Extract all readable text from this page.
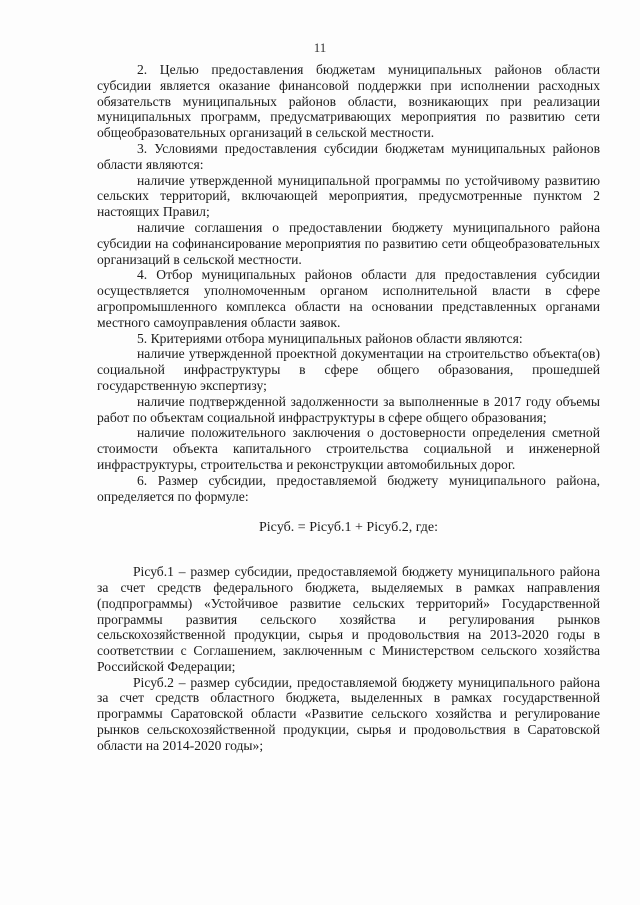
11

2. Целью предоставления бюджетам муниципальных районов области субсидии является оказание финансовой поддержки при исполнении расходных обязательств муниципальных районов области, возникающих при реализации муниципальных программ, предусматривающих мероприятия по развитию сети общеобразовательных организаций в сельской местности.

3. Условиями предоставления субсидии бюджетам муниципальных районов области являются:

наличие утвержденной муниципальной программы по устойчивому развитию сельских территорий, включающей мероприятия, предусмотренные пунктом 2 настоящих Правил;

наличие соглашения о предоставлении бюджету муниципального района субсидии на софинансирование мероприятия по развитию сети общеобразовательных организаций в сельской местности.

4. Отбор муниципальных районов области для предоставления субсидии осуществляется уполномоченным органом исполнительной власти в сфере агропромышленного комплекса области на основании представленных органами местного самоуправления области заявок.

5. Критериями отбора муниципальных районов области являются:

наличие утвержденной проектной документации на строительство объекта(ов) социальной инфраструктуры в сфере общего образования, прошедшей государственную экспертизу;

наличие подтвержденной задолженности за выполненные в 2017 году объемы работ по объектам социальной инфраструктуры в сфере общего образования;

наличие положительного заключения о достоверности определения сметной стоимости объекта капитального строительства социальной и инженерной инфраструктуры, строительства и реконструкции автомобильных дорог.

6. Размер субсидии, предоставляемой бюджету муниципального района, определяется по формуле:

Picуб. = Picуб.1 + Picуб.2, где:

Pісуб.1 – размер субсидии, предоставляемой бюджету муниципального района за счет средств федерального бюджета, выделяемых в рамках направления (подпрограммы) «Устойчивое развитие сельских территорий» Государственной программы развития сельского хозяйства и регулирования рынков сельскохозяйственной продукции, сырья и продовольствия на 2013-2020 годы в соответствии с Соглашением, заключенным с Министерством сельского хозяйства Российской Федерации;

Pісуб.2 – размер субсидии, предоставляемой бюджету муниципального района за счет средств областного бюджета, выделенных в рамках государственной программы Саратовской области «Развитие сельского хозяйства и регулирование рынков сельскохозяйственной продукции, сырья и продовольствия в Саратовской области на 2014-2020 годы»;
